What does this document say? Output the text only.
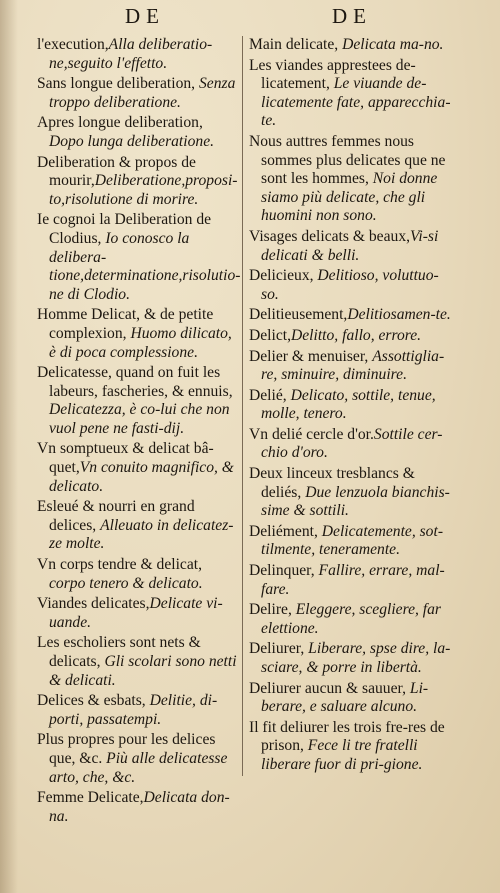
DE	DE
l'execution,Alla deliberatio-ne,seguito l'effetto.
Sans longue deliberation, Senza troppo deliberatione.
Apres longue deliberation, Dopo lunga deliberatione.
Deliberation & propos de mourir,Deliberatione,proposi-to,risolutione di morire.
Ie cognoi la Deliberation de Clodius, Io conosco la delibera-tione,determinatione,risolutio-ne di Clodio.
Homme Delicat, & de petite complexion, Huomo dilicato, è di poca complessione.
Delicatesse, quand on fuit les labeurs, fascheries, & ennuis, Delicatezza, è co-lui che non vuol pene ne fasti-dij.
Vn somptueux & delicat bâ-quet,Vn conuito magnifico, & delicato.
Esleué & nourri en grand delices, Alleuato in delicatez-ze molte.
Vn corps tendre & delicat, corpo tenero & delicato.
Viandes delicates,Delicate vi-uande.
Les escholiers sont nets & delicats, Gli scolari sono netti & delicati.
Delices & esbats, Delitie, di-porti, passatempi.
Plus propres pour les delices que, &c. Più alle delicatesse arto, che, &c.
Femme Delicate,Delicata don-na.
Main delicate, Delicata ma-no.
Les viandes apprestees de-licatement, Le viuande de-licatemente fate, apparecchia-te.
Nous auttres femmes nous sommes plus delicates que ne sont les hommes, Noi donne siamo più delicate, che gli huomini non sono.
Visages delicats & beaux,Vi-si delicati & belli.
Delicieux, Delitioso, voluttuo-so.
Delitieusement,Delitiosamen-te.
Delict,Delitto, fallo, errore.
Delier & menuiser, Assottiglia-re, sminuire, diminuire.
Delié, Delicato, sottile, tenue, molle, tenero.
Vn delié cercle d'or.Sottile cer-chio d'oro.
Deux linceux tresblancs & deliés, Due lenzuola bianchis-sime & sottili.
Deliément, Delicatemente, sot-tilmente, teneramente.
Delinquer, Fallire, errare, mal-fare.
Delire, Eleggere, scegliere, far elettione.
Deliurer, Liberare, spse dire, la-sciare, & porre in libertà.
Deliurer aucun & sauuer, Li-berare, e saluare alcuno.
Il fit deliurer les trois fre-res de prison, Fece li tre fratelli liberare fuor di pri-gione.
